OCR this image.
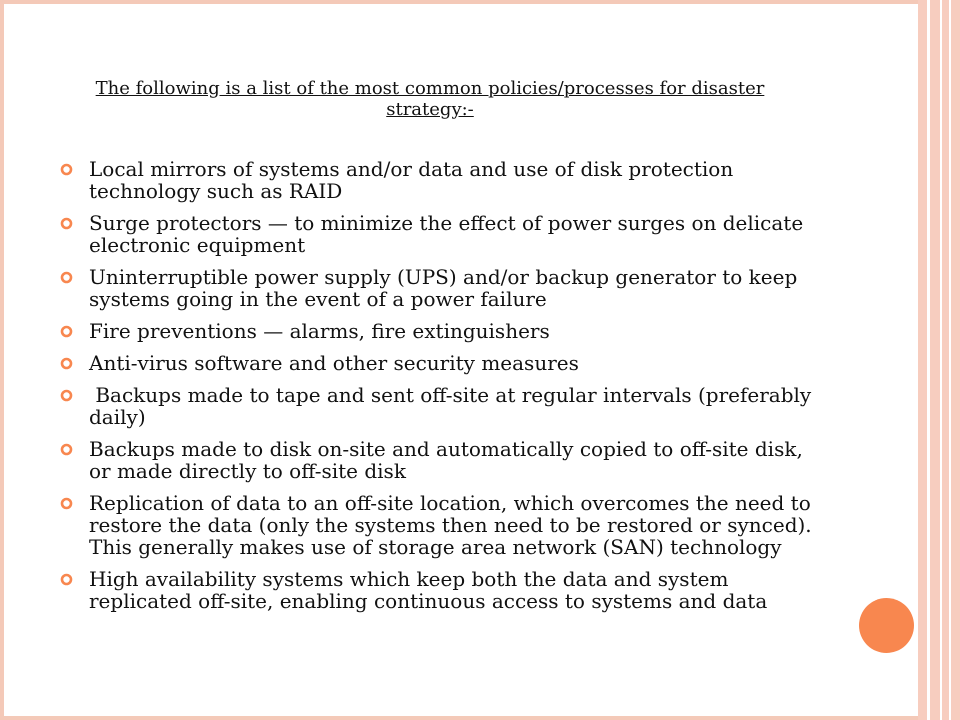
The following is a list of the most common policies/processes for disaster strategy:-
Local mirrors of systems and/or data and use of disk protection technology such as RAID
Surge protectors — to minimize the effect of power surges on delicate electronic equipment
Uninterruptible power supply (UPS) and/or backup generator to keep systems going in the event of a power failure
Fire preventions — alarms, fire extinguishers
Anti-virus software and other security measures
Backups made to tape and sent off-site at regular intervals (preferably daily)
Backups made to disk on-site and automatically copied to off-site disk, or made directly to off-site disk
Replication of data to an off-site location, which overcomes the need to restore the data (only the systems then need to be restored or synced). This generally makes use of storage area network (SAN) technology
High availability systems which keep both the data and system replicated off-site, enabling continuous access to systems and data
